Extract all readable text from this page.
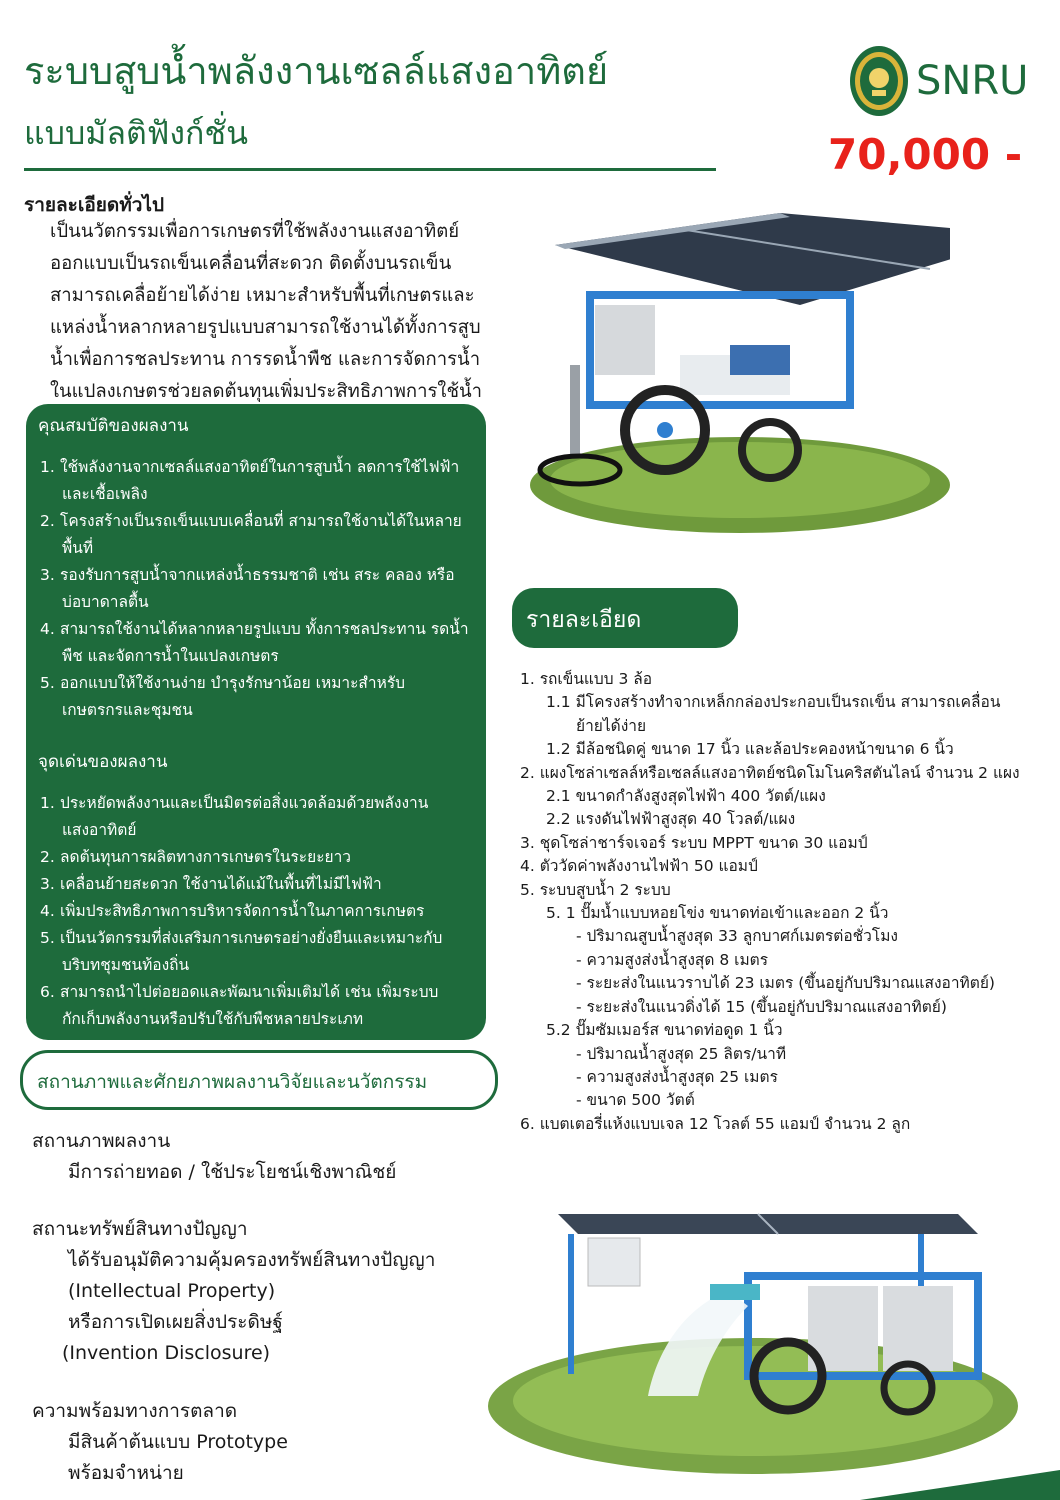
ระบบสูบน้ำพลังงานเซลล์แสงอาทิตย์
แบบมัลติฟังก์ชั่น
SNRU
70,000 -
รายละเอียดทั่วไป
เป็นนวัตกรรมเพื่อการเกษตรที่ใช้พลังงานแสงอาทิตย์
ออกแบบเป็นรถเข็นเคลื่อนที่สะดวก ติดตั้งบนรถเข็น
สามารถเคลื่อย้ายได้ง่าย เหมาะสำหรับพื้นที่เกษตรและ
แหล่งน้ำหลากหลายรูปแบบสามารถใช้งานได้ทั้งการสูบ
น้ำเพื่อการชลประทาน การรดน้ำพืช และการจัดการน้ำ
ในแปลงเกษตรช่วยลดต้นทุนเพิ่มประสิทธิภาพการใช้น้ำ
คุณสมบัติของผลงาน
1. ใช้พลังงานจากเซลล์แสงอาทิตย์ในการสูบน้ำ ลดการใช้ไฟฟ้า
และเชื้อเพลิง
2. โครงสร้างเป็นรถเข็นแบบเคลื่อนที่ สามารถใช้งานได้ในหลาย
พื้นที่
3. รองรับการสูบน้ำจากแหล่งน้ำธรรมชาติ เช่น สระ คลอง หรือ
บ่อบาดาลตื้น
4. สามารถใช้งานได้หลากหลายรูปแบบ ทั้งการชลประทาน รดน้ำ
พืช และจัดการน้ำในแปลงเกษตร
5. ออกแบบให้ใช้งานง่าย บำรุงรักษาน้อย เหมาะสำหรับ
เกษตรกรและชุมชน
จุดเด่นของผลงาน
1. ประหยัดพลังงานและเป็นมิตรต่อสิ่งแวดล้อมด้วยพลังงาน
แสงอาทิตย์
2. ลดต้นทุนการผลิตทางการเกษตรในระยะยาว
3. เคลื่อนย้ายสะดวก ใช้งานได้แม้ในพื้นที่ไม่มีไฟฟ้า
4. เพิ่มประสิทธิภาพการบริหารจัดการน้ำในภาคการเกษตร
5. เป็นนวัตกรรมที่ส่งเสริมการเกษตรอย่างยั่งยืนและเหมาะกับ
บริบทชุมชนท้องถิ่น
6. สามารถนำไปต่อยอดและพัฒนาเพิ่มเติมได้ เช่น เพิ่มระบบ
กักเก็บพลังงานหรือปรับใช้กับพืชหลายประเภท
สถานภาพและศักยภาพผลงานวิจัยและนวัตกรรม
สถานภาพผลงาน
มีการถ่ายทอด / ใช้ประโยชน์เชิงพาณิชย์
สถานะทรัพย์สินทางปัญญา
ได้รับอนุมัติความคุ้มครองทรัพย์สินทางปัญญา
(Intellectual Property)
หรือการเปิดเผยสิ่งประดิษฐ์
(Invention Disclosure)
ความพร้อมทางการตลาด
มีสินค้าต้นแบบ Prototype
พร้อมจำหน่าย
รายละเอียด
1. รถเข็นแบบ 3 ล้อ
1.1 มีโครงสร้างทำจากเหล็กกล่องประกอบเป็นรถเข็น สามารถเคลื่อน
ย้ายได้ง่าย
1.2 มีล้อชนิดคู่ ขนาด 17 นิ้ว และล้อประคองหน้าขนาด 6 นิ้ว
2. แผงโซล่าเซลล์หรือเซลล์แสงอาทิตย์ชนิดโมโนคริสตันไลน์ จำนวน 2 แผง
2.1 ขนาดกำลังสูงสุดไฟฟ้า 400 วัตต์/แผง
2.2 แรงดันไฟฟ้าสูงสุด 40 โวลต์/แผง
3. ชุดโซล่าชาร์จเจอร์ ระบบ MPPT ขนาด 30 แอมป์
4. ตัววัดค่าพลังงานไฟฟ้า 50 แอมป์
5. ระบบสูบน้ำ 2 ระบบ
5. 1 ปั๊มน้ำแบบหอยโข่ง ขนาดท่อเข้าและออก 2 นิ้ว
- ปริมาณสูบน้ำสูงสุด 33 ลูกบาศก์เมตรต่อชั่วโมง
- ความสูงส่งน้ำสูงสุด 8 เมตร
- ระยะส่งในแนวราบได้ 23 เมตร (ขึ้นอยู่กับปริมาณแสงอาทิตย์)
- ระยะส่งในแนวดิ่งได้ 15 (ขึ้นอยู่กับปริมาณแสงอาทิตย์)
5.2 ปั๊มซัมเมอร์ส ขนาดท่อดูด 1 นิ้ว
- ปริมาณน้ำสูงสุด 25 ลิตร/นาที
- ความสูงส่งน้ำสูงสุด 25 เมตร
- ขนาด 500 วัตต์
6. แบตเตอรี่แห้งแบบเจล 12 โวลต์ 55 แอมป์ จำนวน 2 ลูก
